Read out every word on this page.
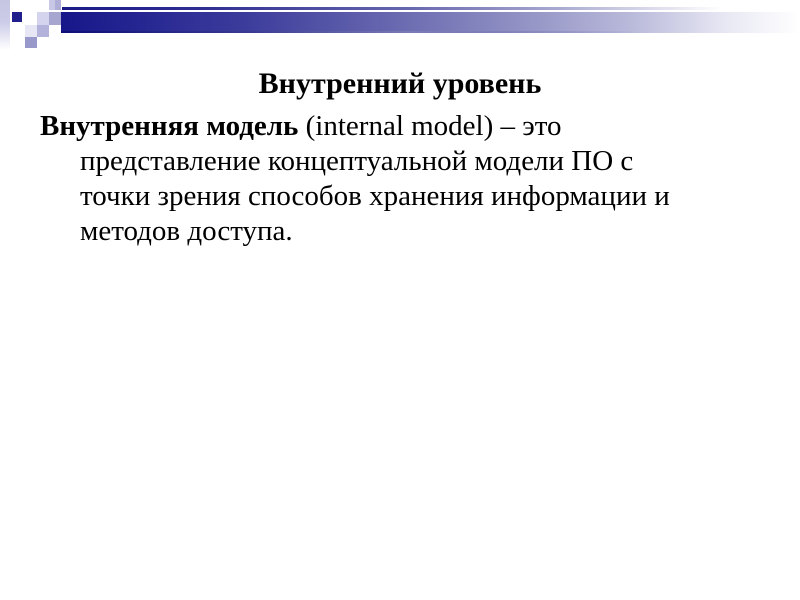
Внутренний уровень
Внутренняя модель (internal model) – это
представление концептуальной модели ПО с
точки зрения способов хранения информации и
методов доступа.
